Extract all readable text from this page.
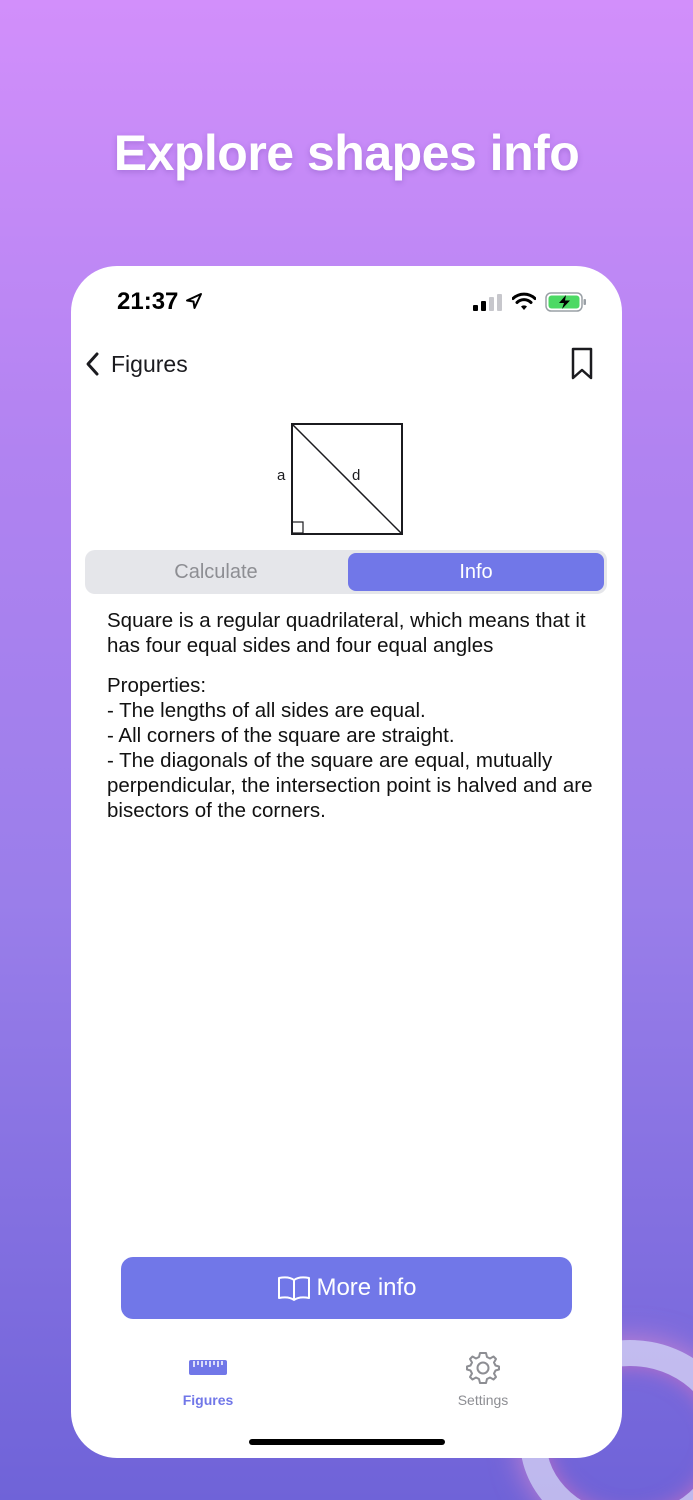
Explore shapes info
21:37
Figures
a	d
Calculate	Info

Square is a regular quadrilateral, which means that it has four equal sides and four equal angles

Properties:
- The lengths of all sides are equal.
- All corners of the square are straight.
- The diagonals of the square are equal, mutually perpendicular, the intersection point is halved and are bisectors of the corners.
More info
Figures	Settings
